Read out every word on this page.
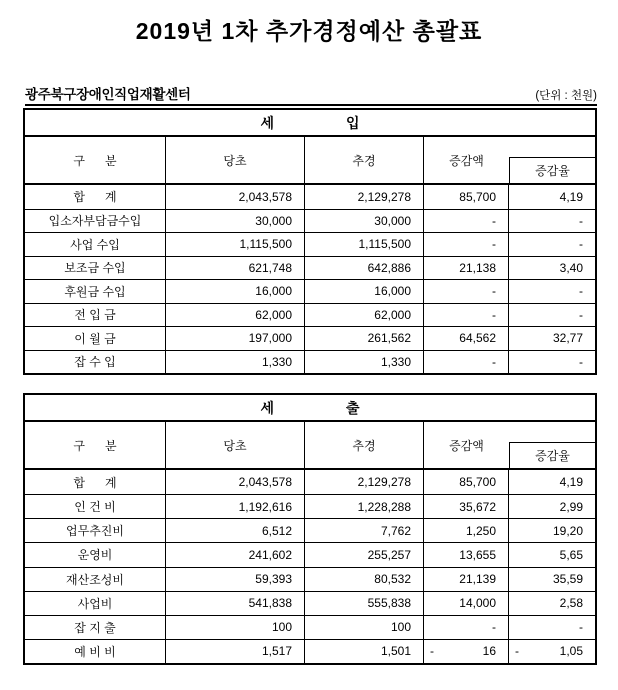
2019년 1차 추가경정예산 총괄표
광주북구장애인직업재활센터	(단위 : 천원)
세입
구      분	당초	추경	증감액
증감율
합      계	2,043,578	2,129,278	85,700	4,19
입소자부담금수입	30,000	30,000	-	-
사업 수입	1,115,500	1,115,500	-	-
보조금 수입	621,748	642,886	21,138	3,40
후원금 수입	16,000	16,000	-	-
전 입 금	62,000	62,000	-	-
이 월 금	197,000	261,562	64,562	32,77
잡 수 입	1,330	1,330	-	-
세출
구      분	당초	추경	증감액
증감율
합      계	2,043,578	2,129,278	85,700	4,19
인 건 비	1,192,616	1,228,288	35,672	2,99
업무추진비	6,512	7,762	1,250	19,20
운영비	241,602	255,257	13,655	5,65
재산조성비	59,393	80,532	21,139	35,59
사업비	541,838	555,838	14,000	2,58
잡 지 출	100	100	-	-
예 비 비	1,517	1,501	-	16 -	1,05
